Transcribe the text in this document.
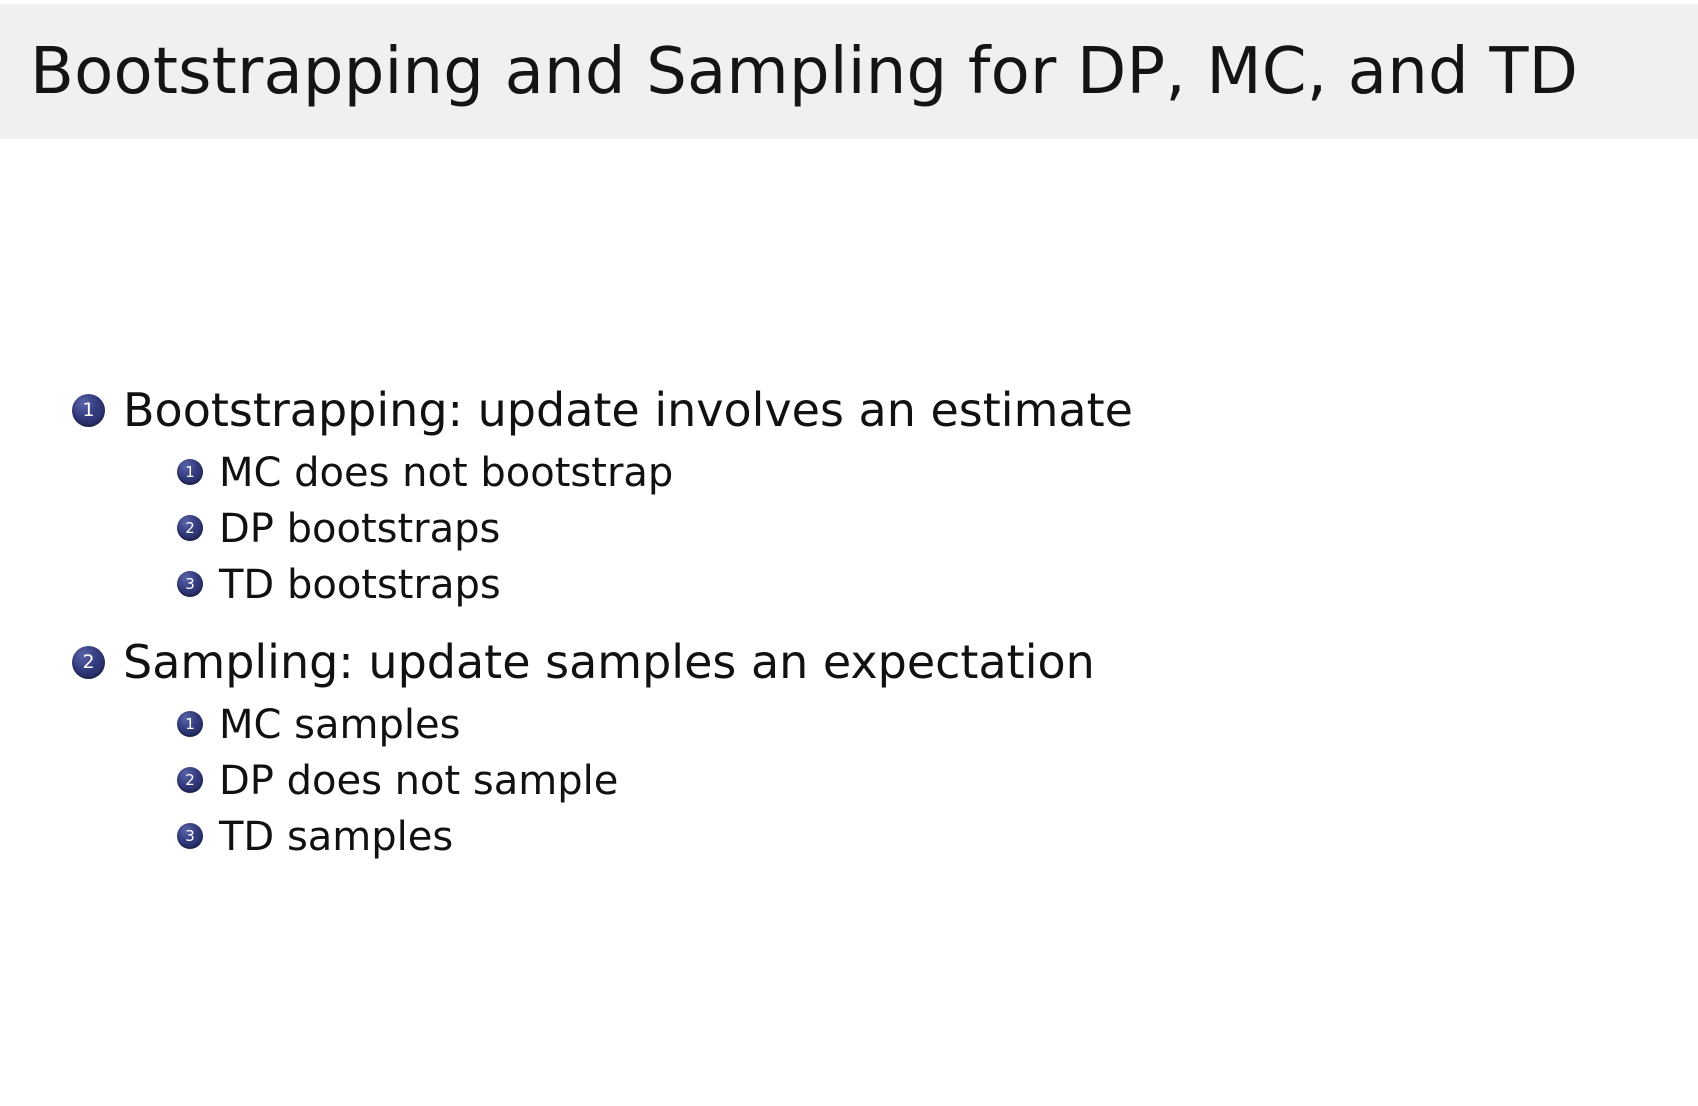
Bootstrapping and Sampling for DP, MC, and TD
1 Bootstrapping: update involves an estimate
1 MC does not bootstrap
2 DP bootstraps
3 TD bootstraps
2 Sampling: update samples an expectation
1 MC samples
2 DP does not sample
3 TD samples
